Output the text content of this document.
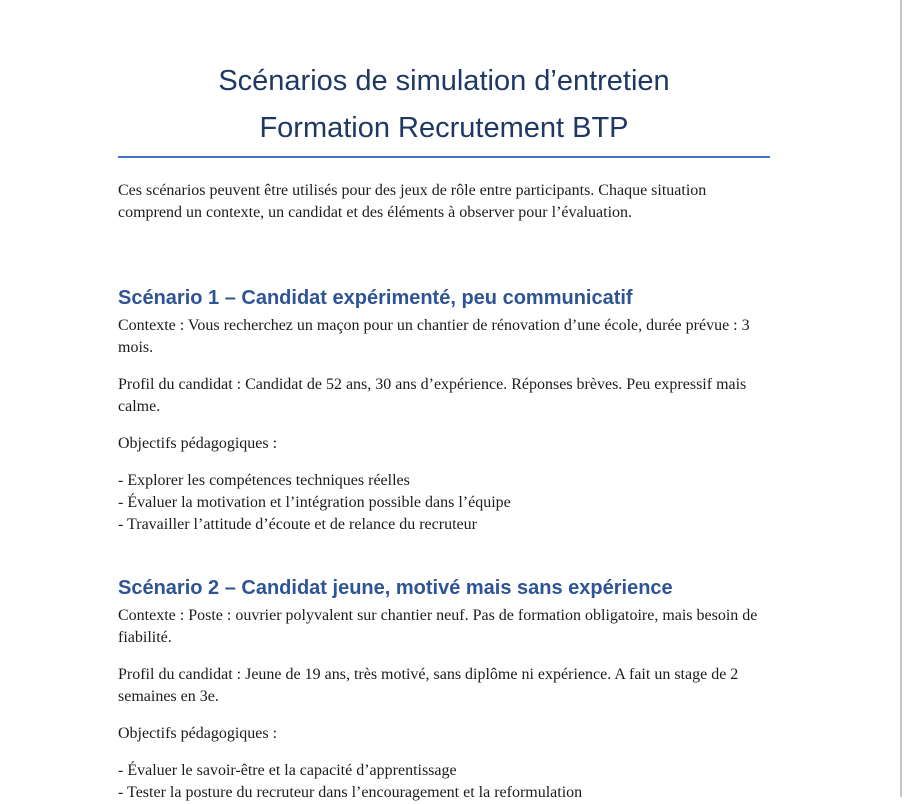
Scénarios de simulation d’entretien
Formation Recrutement BTP

Ces scénarios peuvent être utilisés pour des jeux de rôle entre participants. Chaque situation comprend un contexte, un candidat et des éléments à observer pour l’évaluation.

Scénario 1 – Candidat expérimenté, peu communicatif

Contexte : Vous recherchez un maçon pour un chantier de rénovation d’une école, durée prévue : 3 mois.

Profil du candidat : Candidat de 52 ans, 30 ans d’expérience. Réponses brèves. Peu expressif mais calme.

Objectifs pédagogiques :

- Explorer les compétences techniques réelles
- Évaluer la motivation et l’intégration possible dans l’équipe
- Travailler l’attitude d’écoute et de relance du recruteur
Scénario 2 – Candidat jeune, motivé mais sans expérience

Contexte : Poste : ouvrier polyvalent sur chantier neuf. Pas de formation obligatoire, mais besoin de fiabilité.

Profil du candidat : Jeune de 19 ans, très motivé, sans diplôme ni expérience. A fait un stage de 2 semaines en 3e.

Objectifs pédagogiques :

- Évaluer le savoir-être et la capacité d’apprentissage
- Tester la posture du recruteur dans l’encouragement et la reformulation
